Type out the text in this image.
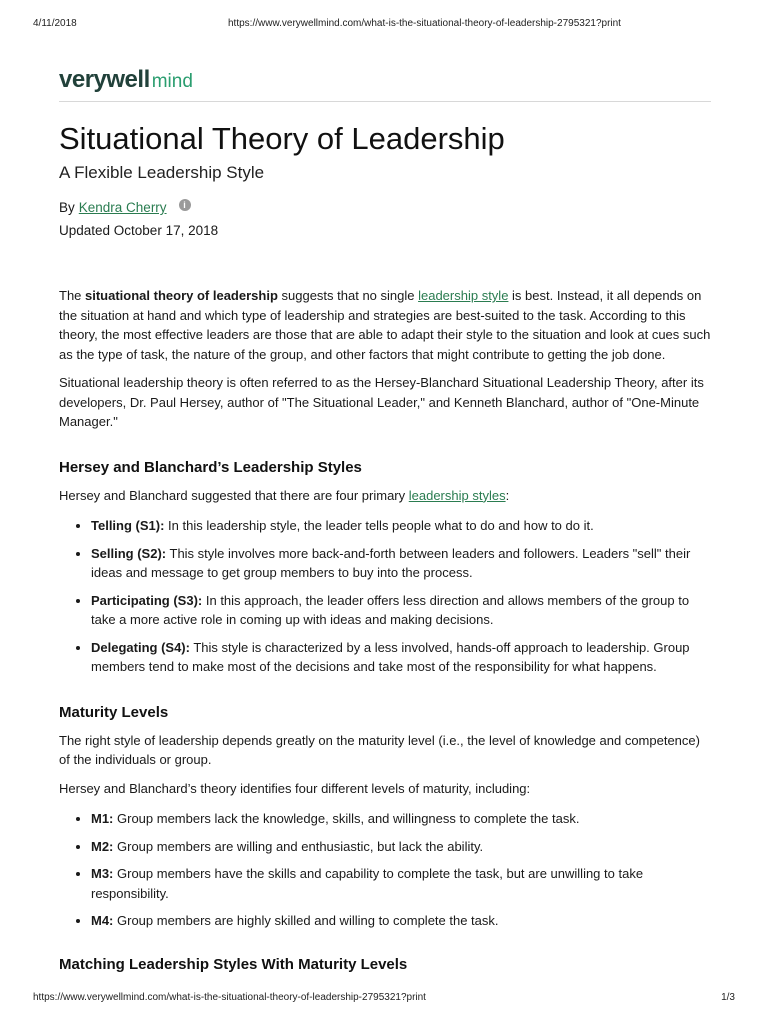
4/11/2018	https://www.verywellmind.com/what-is-the-situational-theory-of-leadership-2795321?print
verywell mind
Situational Theory of Leadership
A Flexible Leadership Style
By Kendra Cherry	i
Updated October 17, 2018

The situational theory of leadership suggests that no single leadership style is best. Instead, it all depends on the situation at hand and which type of leadership and strategies are best-suited to the task. According to this theory, the most effective leaders are those that are able to adapt their style to the situation and look at cues such as the type of task, the nature of the group, and other factors that might contribute to getting the job done.

Situational leadership theory is often referred to as the Hersey-Blanchard Situational Leadership Theory, after its developers, Dr. Paul Hersey, author of "The Situational Leader," and Kenneth Blanchard, author of "One-Minute Manager."

Hersey and Blanchard’s Leadership Styles

Hersey and Blanchard suggested that there are four primary leadership styles:

• Telling (S1): In this leadership style, the leader tells people what to do and how to do it.
• Selling (S2): This style involves more back-and-forth between leaders and followers. Leaders "sell" their ideas and message to get group members to buy into the process.
• Participating (S3): In this approach, the leader offers less direction and allows members of the group to take a more active role in coming up with ideas and making decisions.
• Delegating (S4): This style is characterized by a less involved, hands-off approach to leadership. Group members tend to make most of the decisions and take most of the responsibility for what happens.
Maturity Levels

The right style of leadership depends greatly on the maturity level (i.e., the level of knowledge and competence) of the individuals or group.

Hersey and Blanchard’s theory identifies four different levels of maturity, including:

• M1: Group members lack the knowledge, skills, and willingness to complete the task.
• M2: Group members are willing and enthusiastic, but lack the ability.
• M3: Group members have the skills and capability to complete the task, but are unwilling to take responsibility.
• M4: Group members are highly skilled and willing to complete the task.
Matching Leadership Styles With Maturity Levels
https://www.verywellmind.com/what-is-the-situational-theory-of-leadership-2795321?print	1/3
